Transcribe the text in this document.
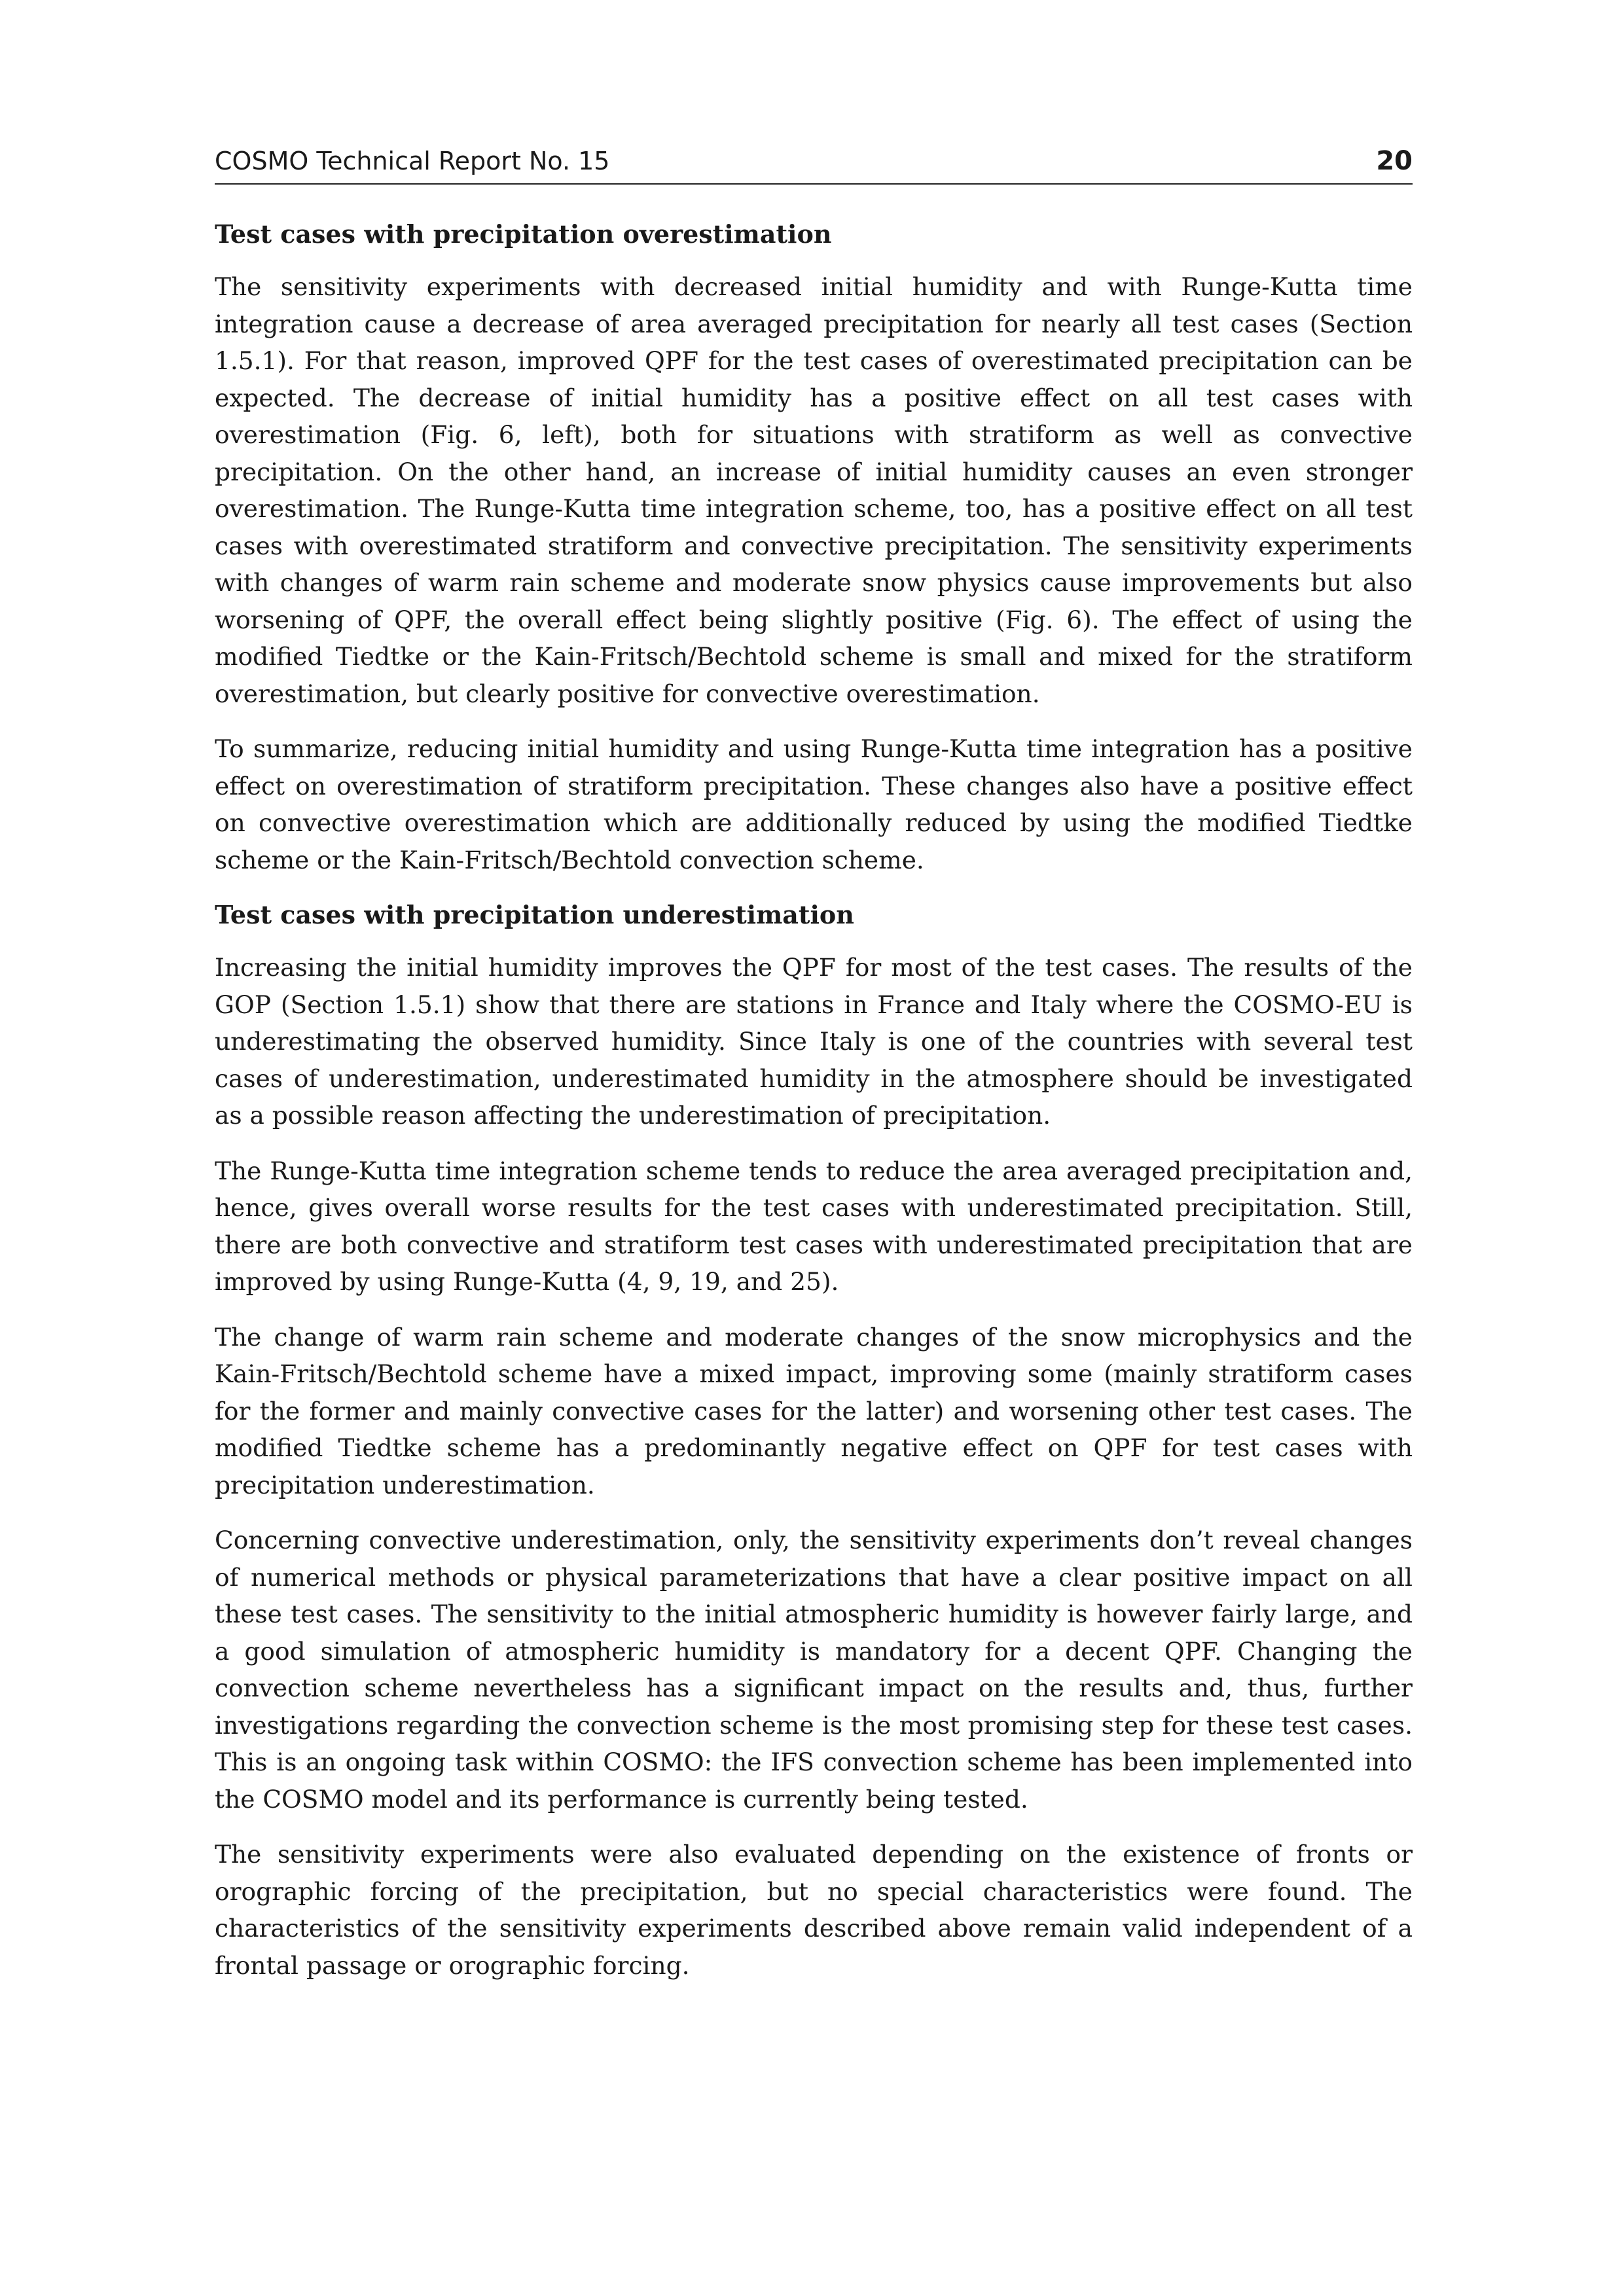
COSMO Technical Report No. 15	20
Test cases with precipitation overestimation

The sensitivity experiments with decreased initial humidity and with Runge-Kutta time integration cause a decrease of area averaged precipitation for nearly all test cases (Section 1.5.1). For that reason, improved QPF for the test cases of overestimated precipitation can be expected. The decrease of initial humidity has a positive effect on all test cases with overestimation (Fig. 6, left), both for situations with stratiform as well as convective precipitation. On the other hand, an increase of initial humidity causes an even stronger overestimation. The Runge-Kutta time integration scheme, too, has a positive effect on all test cases with overestimated stratiform and convective precipitation. The sensitivity experiments with changes of warm rain scheme and moderate snow physics cause improvements but also worsening of QPF, the overall effect being slightly positive (Fig. 6). The effect of using the modified Tiedtke or the Kain-Fritsch/Bechtold scheme is small and mixed for the stratiform overestimation, but clearly positive for convective overestimation.

To summarize, reducing initial humidity and using Runge-Kutta time integration has a positive effect on overestimation of stratiform precipitation. These changes also have a positive effect on convective overestimation which are additionally reduced by using the modified Tiedtke scheme or the Kain-Fritsch/Bechtold convection scheme.

Test cases with precipitation underestimation

Increasing the initial humidity improves the QPF for most of the test cases. The results of the GOP (Section 1.5.1) show that there are stations in France and Italy where the COSMO-EU is underestimating the observed humidity. Since Italy is one of the countries with several test cases of underestimation, underestimated humidity in the atmosphere should be investigated as a possible reason affecting the underestimation of precipitation.

The Runge-Kutta time integration scheme tends to reduce the area averaged precipitation and, hence, gives overall worse results for the test cases with underestimated precipitation. Still, there are both convective and stratiform test cases with underestimated precipitation that are improved by using Runge-Kutta (4, 9, 19, and 25).

The change of warm rain scheme and moderate changes of the snow microphysics and the Kain-Fritsch/Bechtold scheme have a mixed impact, improving some (mainly stratiform cases for the former and mainly convective cases for the latter) and worsening other test cases. The modified Tiedtke scheme has a predominantly negative effect on QPF for test cases with precipitation underestimation.

Concerning convective underestimation, only, the sensitivity experiments don’t reveal changes of numerical methods or physical parameterizations that have a clear positive impact on all these test cases. The sensitivity to the initial atmospheric humidity is however fairly large, and a good simulation of atmospheric humidity is mandatory for a decent QPF. Changing the convection scheme nevertheless has a significant impact on the results and, thus, further investigations regarding the convection scheme is the most promising step for these test cases. This is an ongoing task within COSMO: the IFS convection scheme has been implemented into the COSMO model and its performance is currently being tested.

The sensitivity experiments were also evaluated depending on the existence of fronts or orographic forcing of the precipitation, but no special characteristics were found. The characteristics of the sensitivity experiments described above remain valid independent of a frontal passage or orographic forcing.
